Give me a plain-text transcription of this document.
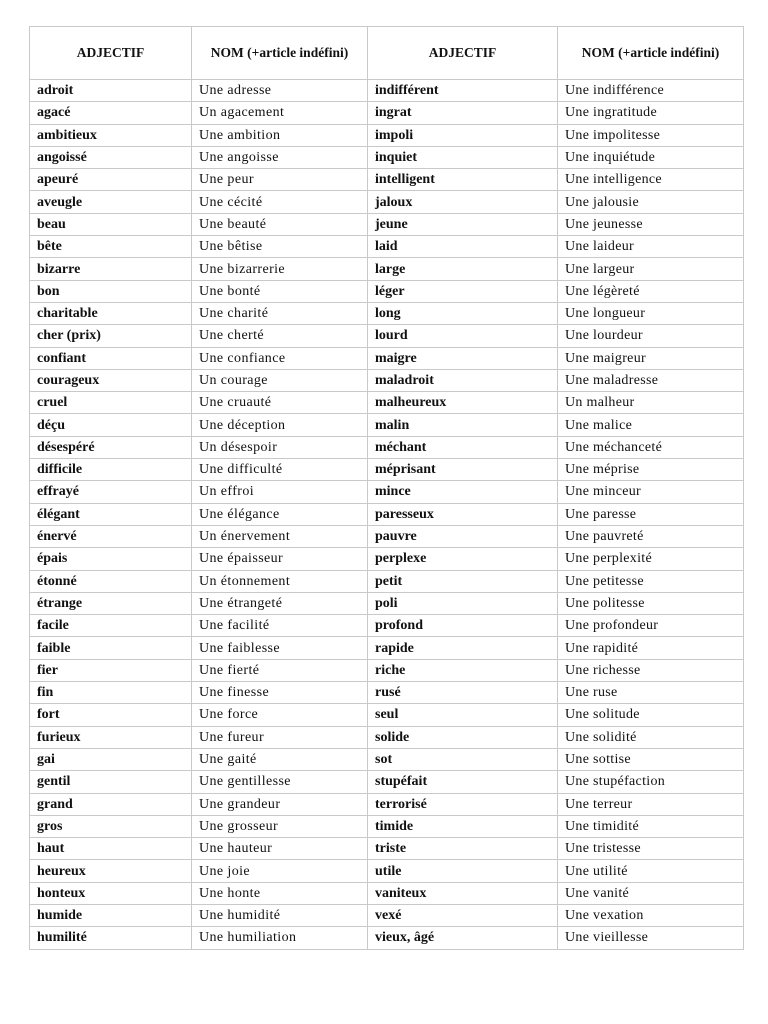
ADJECTIF	NOM (+article indéfini)	ADJECTIF	NOM (+article indéfini)
adroit	Une adresse	indifférent	Une indifférence
agacé	Un agacement	ingrat	Une ingratitude
ambitieux	Une ambition	impoli	Une impolitesse
angoissé	Une angoisse	inquiet	Une inquiétude
apeuré	Une peur	intelligent	Une intelligence
aveugle	Une cécité	jaloux	Une jalousie
beau	Une beauté	jeune	Une jeunesse
bête	Une bêtise	laid	Une laideur
bizarre	Une bizarrerie	large	Une largeur
bon	Une bonté	léger	Une légèreté
charitable	Une charité	long	Une longueur
cher (prix)	Une cherté	lourd	Une lourdeur
confiant	Une confiance	maigre	Une maigreur
courageux	Un courage	maladroit	Une maladresse
cruel	Une cruauté	malheureux	Un malheur
déçu	Une déception	malin	Une malice
désespéré	Un désespoir	méchant	Une méchanceté
difficile	Une difficulté	méprisant	Une méprise
effrayé	Un effroi	mince	Une minceur
élégant	Une élégance	paresseux	Une paresse
énervé	Un énervement	pauvre	Une pauvreté
épais	Une épaisseur	perplexe	Une perplexité
étonné	Un étonnement	petit	Une petitesse
étrange	Une étrangeté	poli	Une politesse
facile	Une facilité	profond	Une profondeur
faible	Une faiblesse	rapide	Une rapidité
fier	Une fierté	riche	Une richesse
fin	Une finesse	rusé	Une ruse
fort	Une force	seul	Une solitude
furieux	Une fureur	solide	Une solidité
gai	Une gaité	sot	Une sottise
gentil	Une gentillesse	stupéfait	Une stupéfaction
grand	Une grandeur	terrorisé	Une terreur
gros	Une grosseur	timide	Une timidité
haut	Une hauteur	triste	Une tristesse
heureux	Une joie	utile	Une utilité
honteux	Une honte	vaniteux	Une vanité
humide	Une humidité	vexé	Une vexation
humilité	Une humiliation	vieux, âgé	Une vieillesse
